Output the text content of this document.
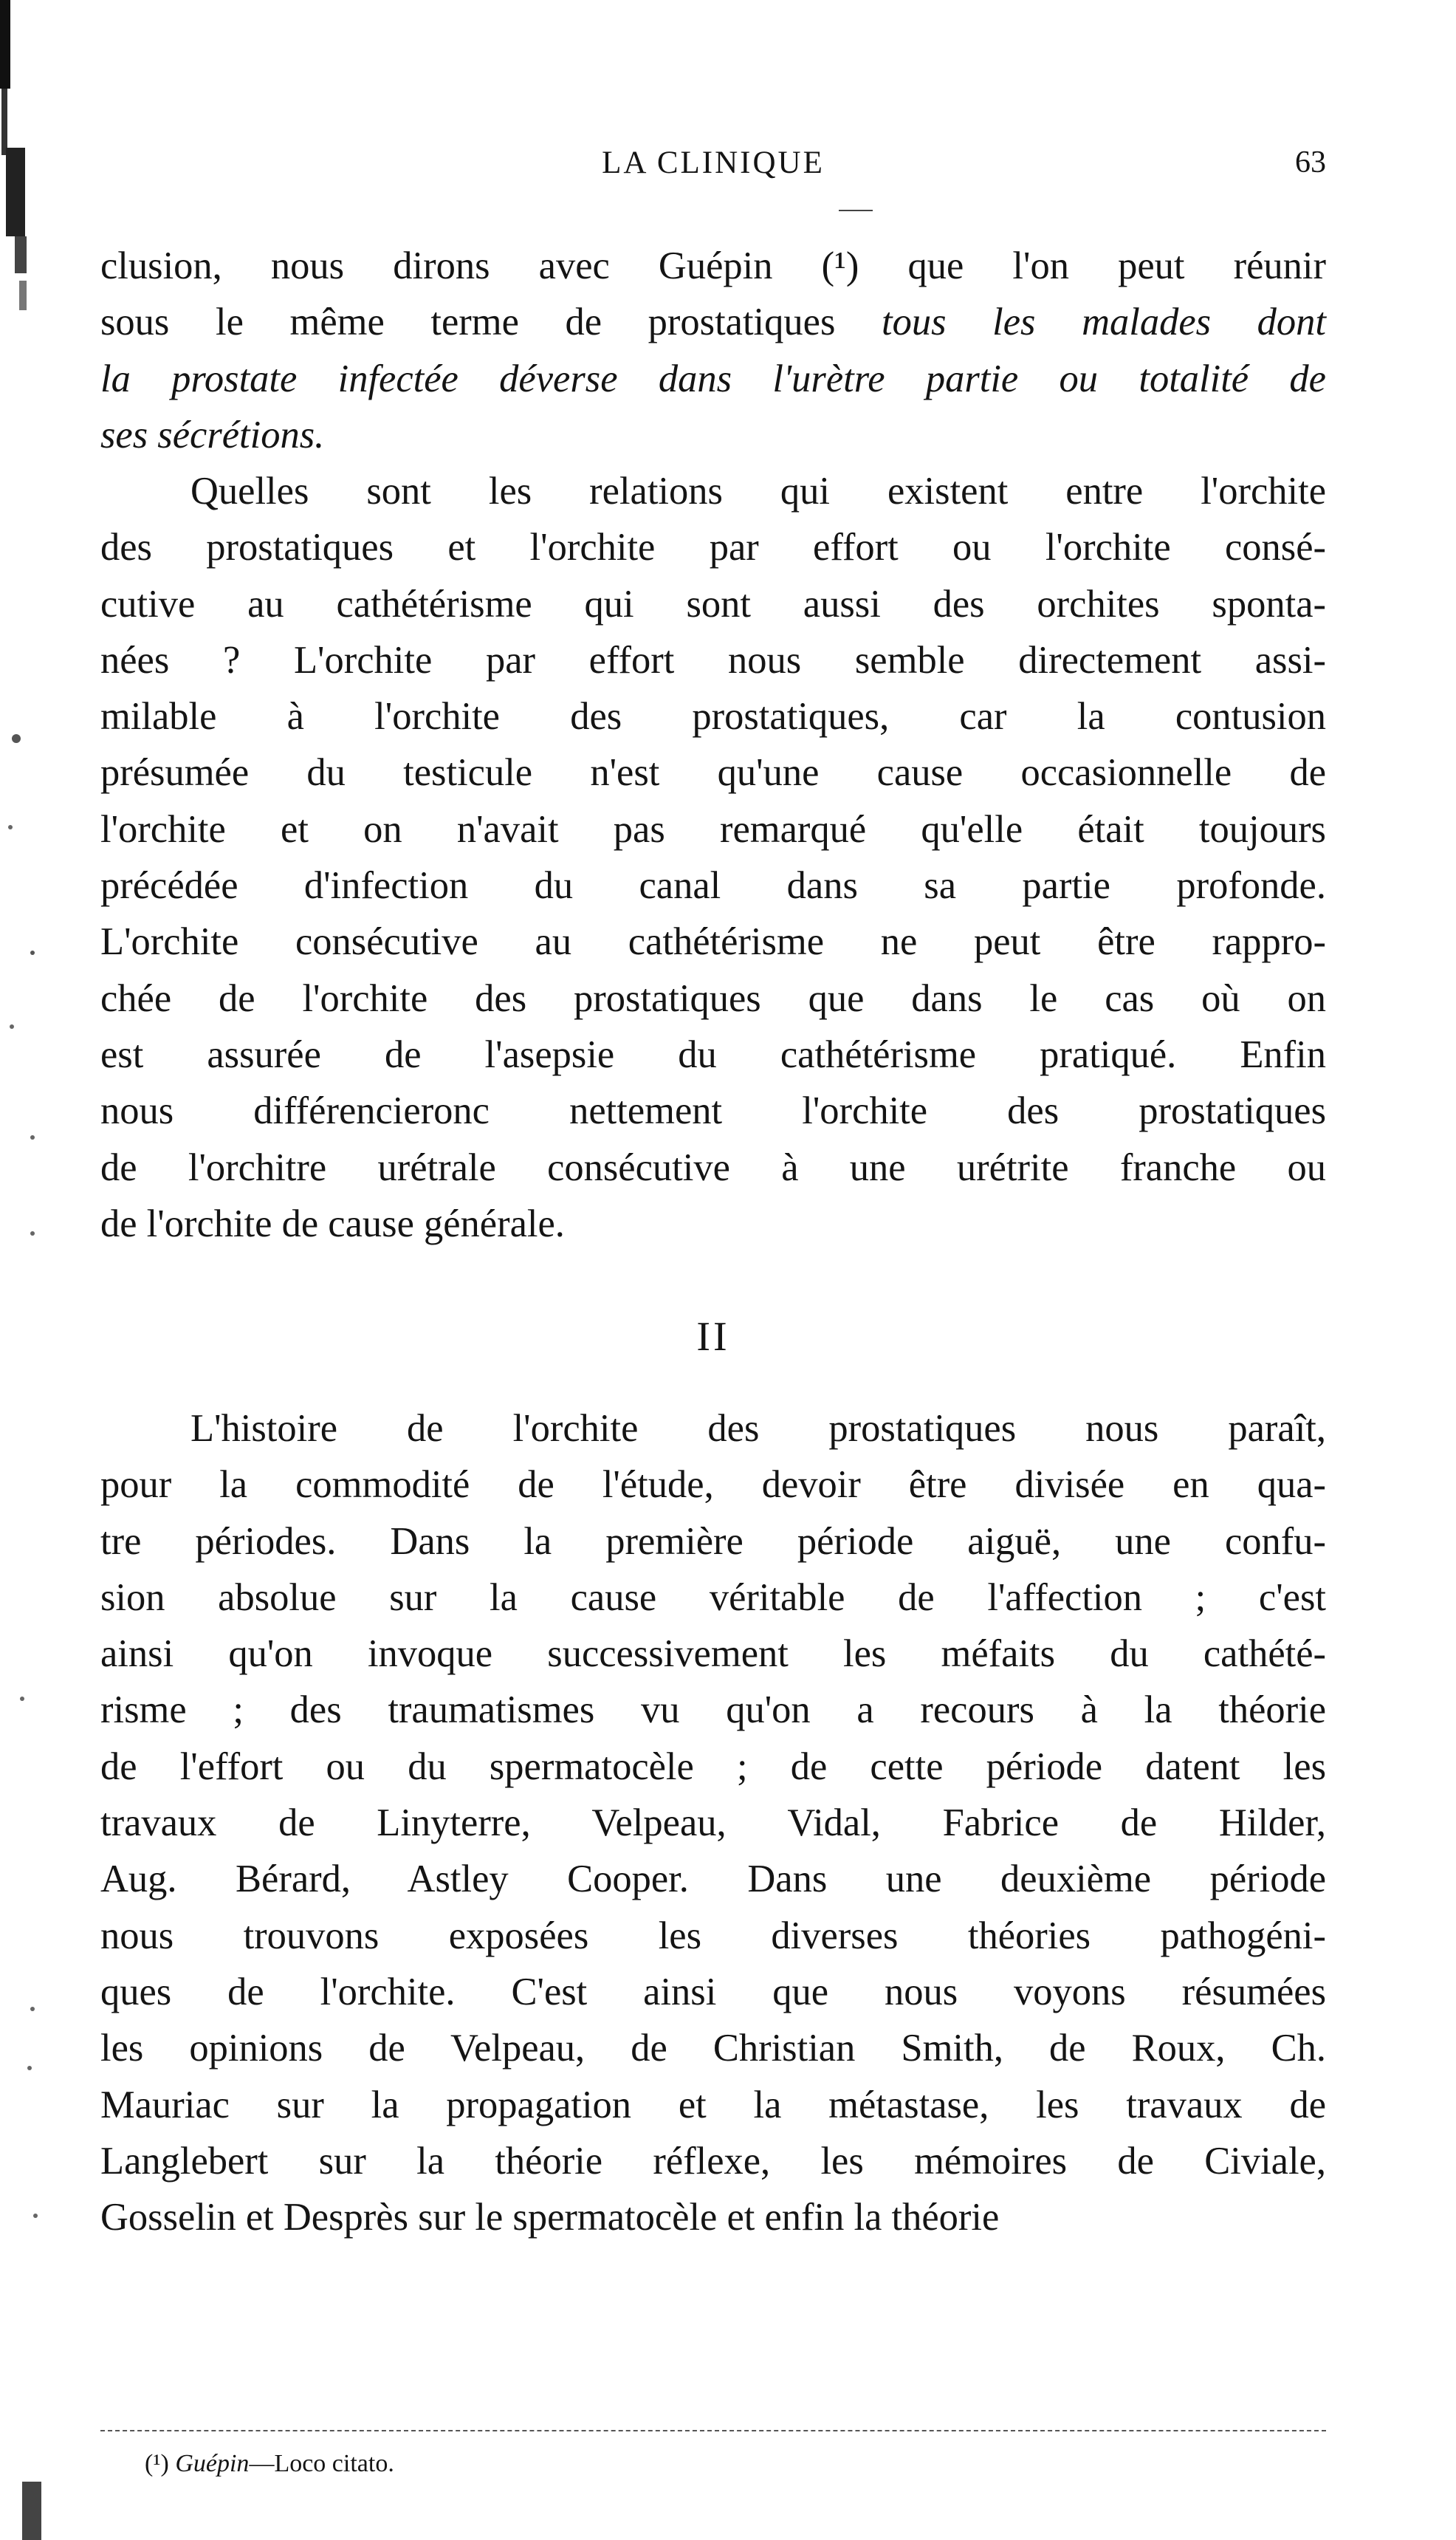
LA CLINIQUE	63
clusion, nous dirons avec Guépin (¹) que l'on peut réunir
sous le même terme de prostatiques tous les malades dont
la prostate infectée déverse dans l'urètre partie ou totalité de
ses sécrétions.
Quelles sont les relations qui existent entre l'orchite
des prostatiques et l'orchite par effort ou l'orchite consé-
cutive au cathétérisme qui sont aussi des orchites sponta-
nées ? L'orchite par effort nous semble directement assi-
milable à l'orchite des prostatiques, car la contusion
présumée du testicule n'est qu'une cause occasionnelle de
l'orchite et on n'avait pas remarqué qu'elle était toujours
précédée d'infection du canal dans sa partie profonde.
L'orchite consécutive au cathétérisme ne peut être rappro-
chée de l'orchite des prostatiques que dans le cas où on
est assurée de l'asepsie du cathétérisme pratiqué. Enfin
nous différencieronc nettement l'orchite des prostatiques
de l'orchitre urétrale consécutive à une urétrite franche ou
de l'orchite de cause générale.
II
L'histoire de l'orchite des prostatiques nous paraît,
pour la commodité de l'étude, devoir être divisée en qua-
tre périodes. Dans la première période aiguë, une confu-
sion absolue sur la cause véritable de l'affection ; c'est
ainsi qu'on invoque successivement les méfaits du cathété-
risme ; des traumatismes vu qu'on a recours à la théorie
de l'effort ou du spermatocèle ; de cette période datent les
travaux de Linyterre, Velpeau, Vidal, Fabrice de Hilder,
Aug. Bérard, Astley Cooper. Dans une deuxième période
nous trouvons exposées les diverses théories pathogéni-
ques de l'orchite. C'est ainsi que nous voyons résumées
les opinions de Velpeau, de Christian Smith, de Roux, Ch.
Mauriac sur la propagation et la métastase, les travaux de
Langlebert sur la théorie réflexe, les mémoires de Civiale,
Gosselin et Desprès sur le spermatocèle et enfin la théorie
(¹) Guépin—Loco citato.
